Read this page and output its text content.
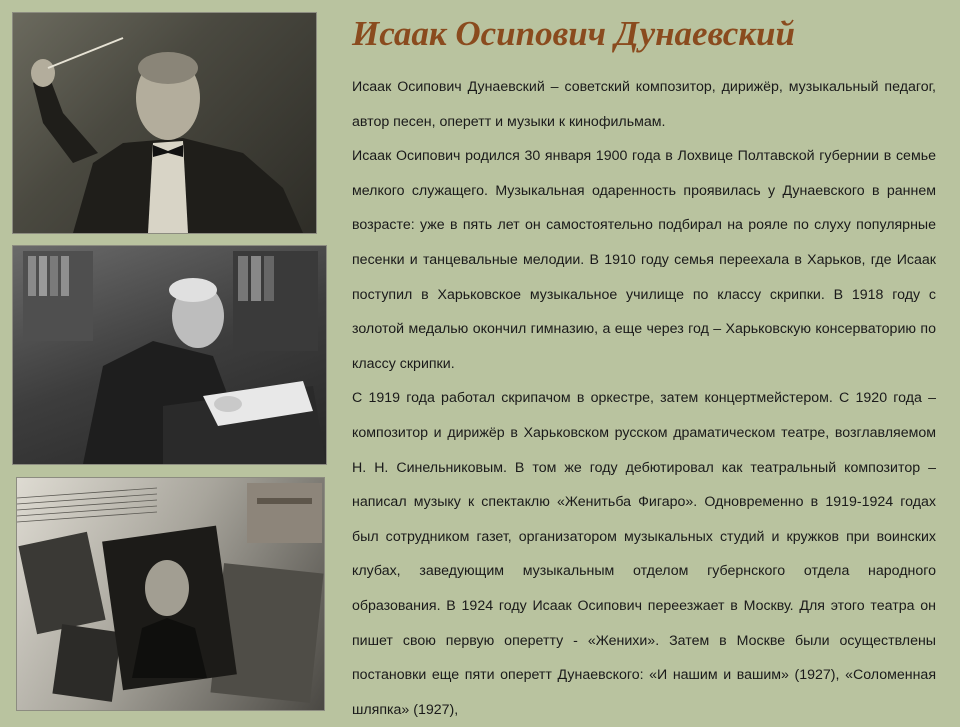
Исаак Осипович Дунаевский

Исаак Осипович Дунаевский – советский композитор, дирижёр, музыкальный педагог, автор песен, оперетт и музыки к кинофильмам.

Исаак Осипович родился 30 января 1900 года в Лохвице Полтавской губернии в семье мелкого служащего. Музыкальная одаренность проявилась у Дунаевского в раннем возрасте: уже в пять лет он самостоятельно подбирал на рояле по слуху популярные песенки и танцевальные мелодии. В 1910 году семья переехала в Харьков, где Исаак поступил в Харьковское музыкальное училище по классу скрипки. В 1918 году с золотой медалью окончил гимназию, а еще через год – Харьковскую консерваторию по классу скрипки.

С 1919 года работал скрипачом в оркестре, затем концертмейстером. С 1920 года – композитор и дирижёр в Харьковском русском драматическом театре, возглавляемом Н. Н. Синельниковым. В том же году дебютировал как театральный композитор – написал музыку к спектаклю «Женитьба Фигаро». Одновременно в 1919-1924 годах был сотрудником газет, организатором музыкальных студий и кружков при воинских клубах, заведующим музыкальным отделом губернского отдела народного образования. В 1924 году Исаак Осипович переезжает в Москву. Для этого театра он пишет свою первую оперетту - «Женихи». Затем в Москве были осуществлены постановки еще пяти оперетт Дунаевского: «И нашим и вашим» (1927), «Соломенная шляпка» (1927),
